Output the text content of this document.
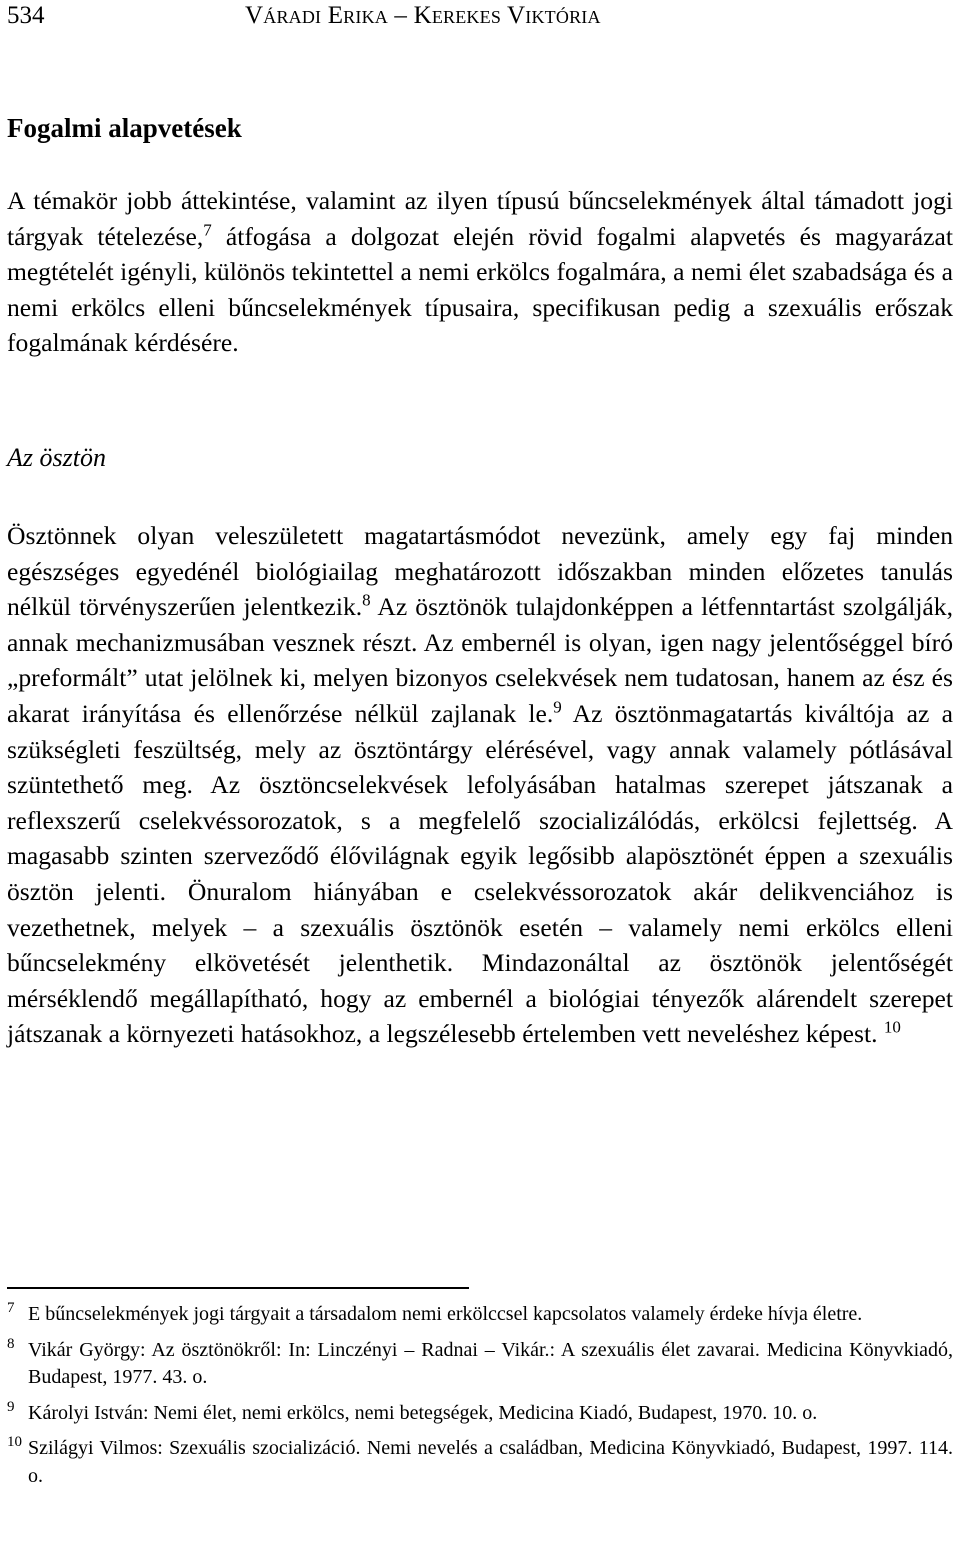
534	Váradi Erika – Kerekes Viktória
Fogalmi alapvetések

A témakör jobb áttekintése, valamint az ilyen típusú bűncselekmények által támadott jogi tárgyak tételezése,$^7$ átfogása a dolgozat elején rövid fogalmi alapvetés és magyarázat megtételét igényli, különös tekintettel a nemi erkölcs fogalmára, a nemi élet szabadsága és a nemi erkölcs elleni bűncselekmények típusaira, specifikusan pedig a szexuális erőszak fogalmának kérdésére.

Az ösztön

Ösztönnek olyan veleszületett magatartásmódot nevezünk, amely egy faj minden egészséges egyedénél biológiailag meghatározott időszakban minden előzetes tanulás nélkül törvényszerűen jelentkezik.$^8$ Az ösztönök tulajdonképpen a létfenntartást szolgálják, annak mechanizmusában vesznek részt. Az embernél is olyan, igen nagy jelentőséggel bíró „preformált” utat jelölnek ki, melyen bizonyos cselekvések nem tudatosan, hanem az ész és akarat irányítása és ellenőrzése nélkül zajlanak le.$^9$ Az ösztönmagatartás kiváltója az a szükségleti feszültség, mely az ösztöntárgy elérésével, vagy annak valamely pótlásával szüntethető meg. Az ösztöncselekvések lefolyásában hatalmas szerepet játszanak a reflexszerű cselekvéssorozatok, s a megfelelő szocializálódás, erkölcsi fejlettség. A magasabb szinten szerveződő élővilágnak egyik legősibb alapösztönét éppen a szexuális ösztön jelenti. Önuralom hiányában e cselekvéssorozatok akár delikvenciához is vezethetnek, melyek – a szexuális ösztönök esetén – valamely nemi erkölcs elleni bűncselekmény elkövetését jelenthetik. Mindazonáltal az ösztönök jelentőségét mérséklendő megállapítható, hogy az embernél a biológiai tényezők alárendelt szerepet játszanak a környezeti hatásokhoz, a legszélesebb értelemben vett neveléshez képest. $^{10}$

7 E bűncselekmények jogi tárgyait a társadalom nemi erkölccsel kapcsolatos valamely érdeke hívja életre.
8 Vikár György: Az ösztönökről: In: Linczényi – Radnai – Vikár.: A szexuális élet zavarai. Medicina Könyvkiadó, Budapest, 1977. 43. o.
9 Károlyi István: Nemi élet, nemi erkölcs, nemi betegségek, Medicina Kiadó, Budapest, 1970. 10. o.
10 Szilágyi Vilmos: Szexuális szocializáció. Nemi nevelés a családban, Medicina Könyvkiadó, Budapest, 1997. 114. o.
